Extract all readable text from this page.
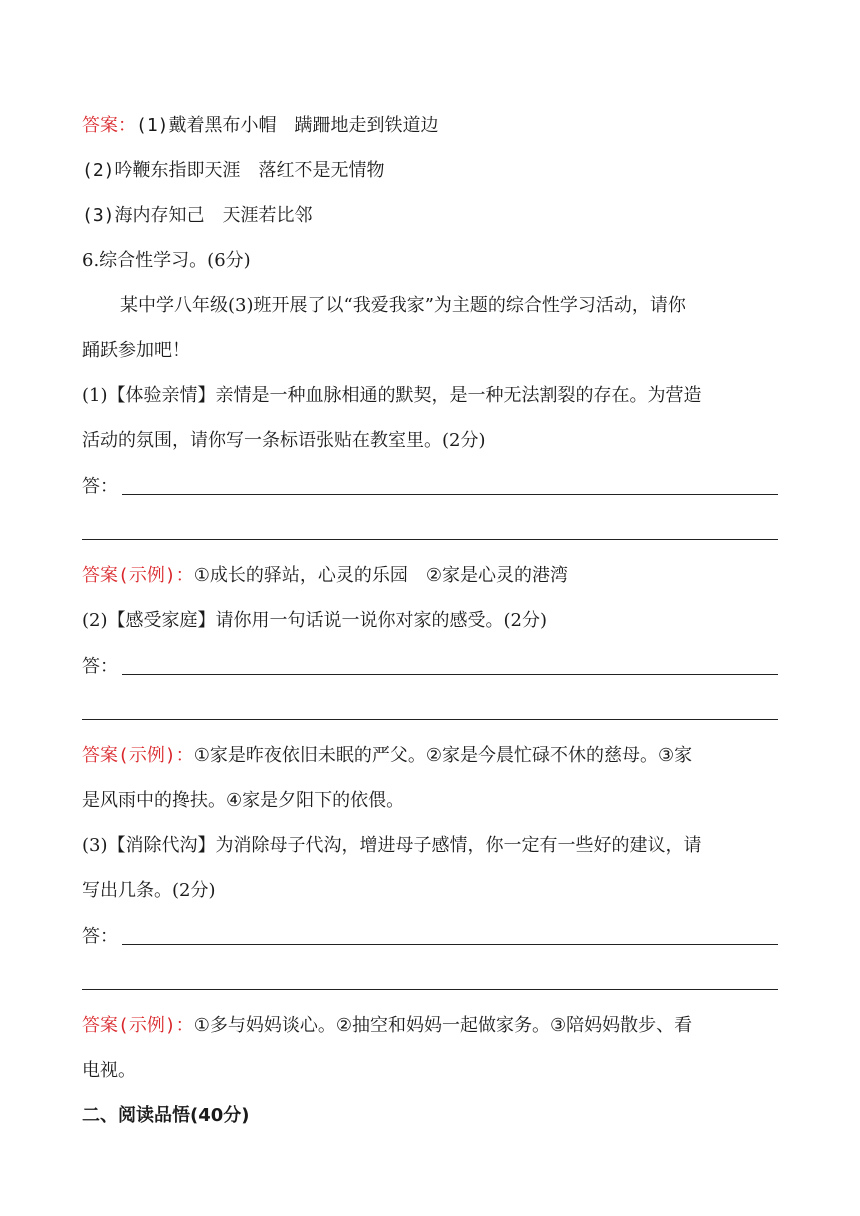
答案：(1)戴着黑布小帽　蹒跚地走到铁道边
(2)吟鞭东指即天涯　落红不是无情物
(3)海内存知己　天涯若比邻
6.综合性学习。(6分)
某中学八年级(3)班开展了以“我爱我家”为主题的综合性学习活动，请你
踊跃参加吧！
(1)【体验亲情】亲情是一种血脉相通的默契，是一种无法割裂的存在。为营造
活动的氛围，请你写一条标语张贴在教室里。(2分)
答：
答案(示例)：①成长的驿站，心灵的乐园　②家是心灵的港湾
(2)【感受家庭】请你用一句话说一说你对家的感受。(2分)
答：
答案(示例)：①家是昨夜依旧未眠的严父。②家是今晨忙碌不休的慈母。③家
是风雨中的搀扶。④家是夕阳下的依偎。
(3)【消除代沟】为消除母子代沟，增进母子感情，你一定有一些好的建议，请
写出几条。(2分)
答：
答案(示例)：①多与妈妈谈心。②抽空和妈妈一起做家务。③陪妈妈散步、看
电视。
二、阅读品悟(40分)
